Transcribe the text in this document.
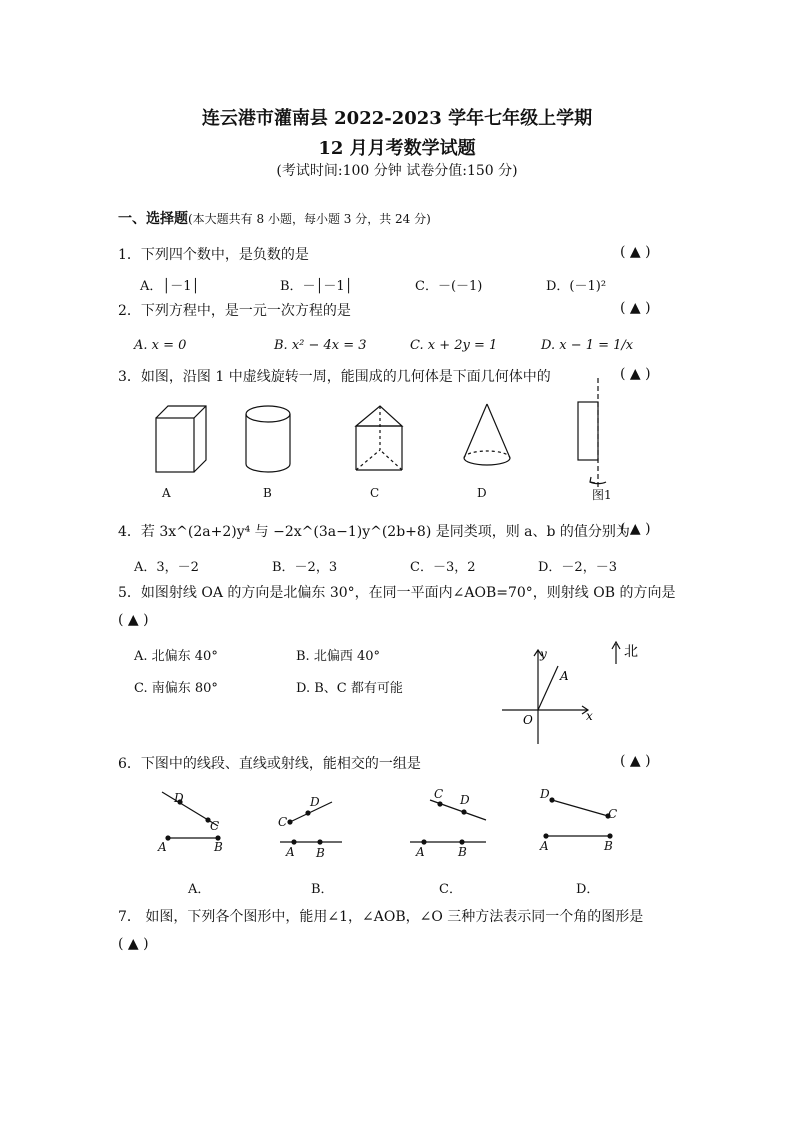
连云港市灌南县 2022-2023 学年七年级上学期
12 月月考数学试题
(考试时间:100 分钟 试卷分值:150 分)
一、选择题(本大题共有 8 小题，每小题 3 分，共 24 分)
1．下列四个数中，是负数的是	( ▲ )
A．│－1│	B．－│－1│	C．－(－1)	D．(－1)²
2．下列方程中，是一元一次方程的是	( ▲ )
A. x = 0	B. x² − 4x = 3	C. x + 2y = 1	D. x − 1 = 1/x
3．如图，沿图 1 中虚线旋转一周，能围成的几何体是下面几何体中的	( ▲ )
A	B	C	D	图1
4．若 3x^(2a+2)y⁴ 与 −2x^(3a−1)y^(2b+8) 是同类项，则 a、b 的值分别为
( ▲ )
A．3，－2	B．－2，3	C．－3，2	D．－2，－3
5．如图射线 OA 的方向是北偏东 30°，在同一平面内∠AOB=70°，则射线 OB 的方向是
( ▲ )
A. 北偏东 40°	B. 北偏西 40°
C. 南偏东 80°	D. B、C 都有可能
y
x
O
A
北
6．下图中的线段、直线或射线，能相交的一组是	( ▲ )
D
C
A	B
D
C
A B
C D
A	B
D
C
A	B
A．	B．	C．	D．
7． 如图，下列各个图形中，能用∠1，∠AOB，∠O 三种方法表示同一个角的图形是
( ▲ )
